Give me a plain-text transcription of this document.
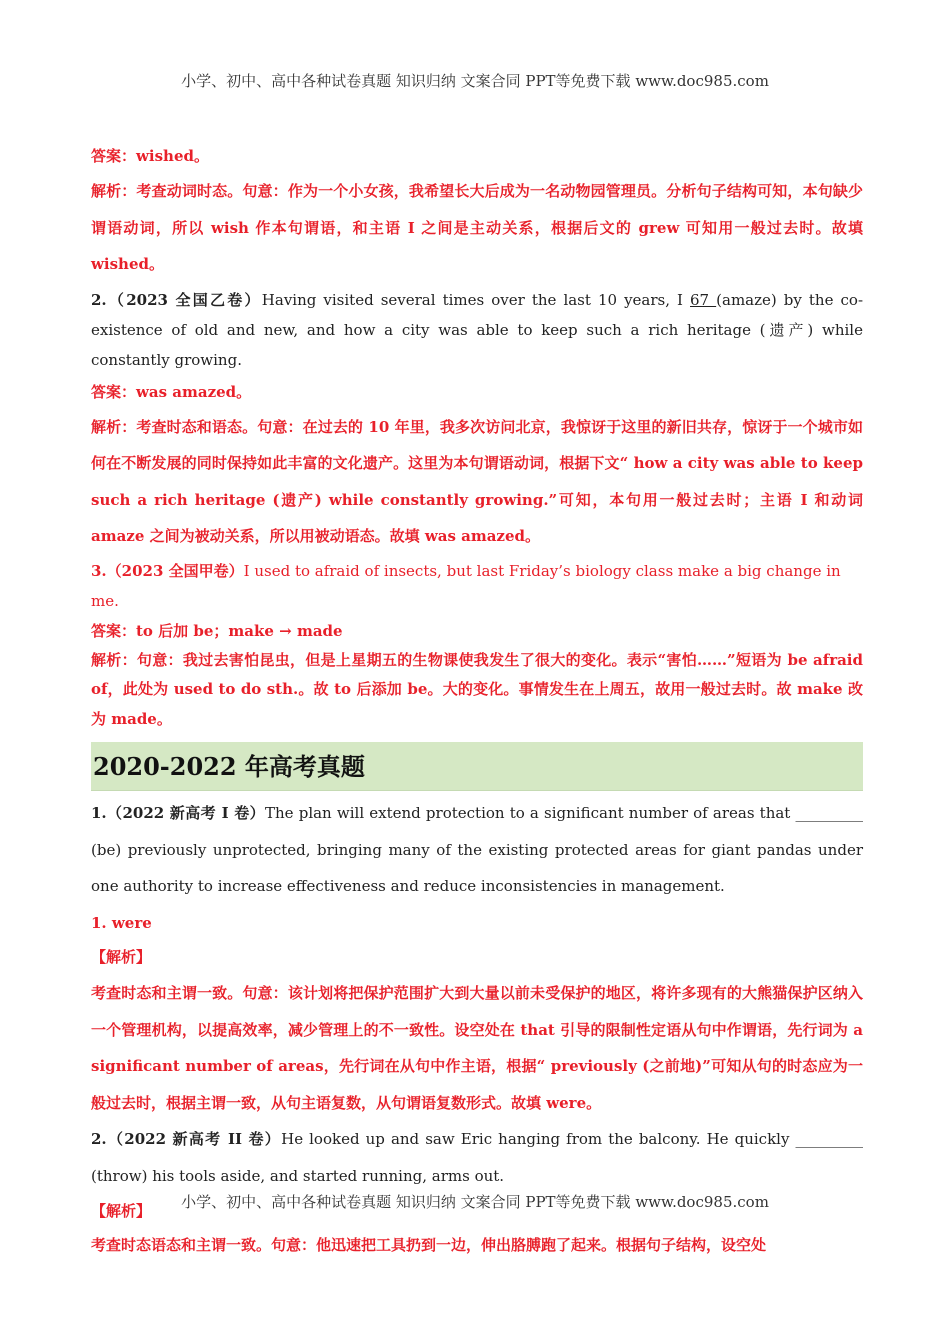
小学、初中、高中各种试卷真题 知识归纳 文案合同 PPT等免费下载 www.doc985.com
答案：wished。
解析：考查动词时态。句意：作为一个小女孩，我希望长大后成为一名动物园管理员。分析句子结构可知，本句缺少谓语动词，所以 wish 作本句谓语，和主语 I 之间是主动关系，根据后文的 grew 可知用一般过去时。故填 wished。
2.（2023 全国乙卷）Having visited several times over the last 10 years, I 67 (amaze) by the co-existence of old and new, and how a city was able to keep such a rich heritage (遗产) while constantly growing.
答案：was amazed。
解析：考查时态和语态。句意：在过去的 10 年里，我多次访问北京，我惊讶于这里的新旧共存，惊讶于一个城市如何在不断发展的同时保持如此丰富的文化遗产。这里为本句谓语动词，根据下文“ how a city was able to keep such a rich heritage (遗产) while constantly growing.”可知，本句用一般过去时；主语 I 和动词 amaze 之间为被动关系，所以用被动语态。故填 was amazed。
3.（2023 全国甲卷）I used to afraid of insects, but last Friday’s biology class make a big change in me.
答案：to 后加 be；make → made
解析：句意：我过去害怕昆虫，但是上星期五的生物课使我发生了很大的变化。表示“害怕……”短语为 be afraid of，此处为 used to do sth.。故 to 后添加 be。大的变化。事情发生在上周五，故用一般过去时。故 make 改为 made。
2020-2022 年高考真题
1.（2022 新高考 I 卷）The plan will extend protection to a significant number of areas that _________ (be) previously unprotected, bringing many of the existing protected areas for giant pandas under one authority to increase effectiveness and reduce inconsistencies in management.
1. were
【解析】
考查时态和主谓一致。句意：该计划将把保护范围扩大到大量以前未受保护的地区，将许多现有的大熊猫保护区纳入一个管理机构，以提高效率，减少管理上的不一致性。设空处在 that 引导的限制性定语从句中作谓语，先行词为 a significant number of areas，先行词在从句中作主语，根据“ previously (之前地)”可知从句的时态应为一般过去时，根据主谓一致，从句主语复数，从句谓语复数形式。故填 were。
2.（2022 新高考 II 卷）He looked up and saw Eric hanging from the balcony. He quickly _________ (throw) his tools aside, and started running, arms out.
【解析】
考查时态语态和主谓一致。句意：他迅速把工具扔到一边，伸出胳膊跑了起来。根据句子结构，设空处
小学、初中、高中各种试卷真题 知识归纳 文案合同 PPT等免费下载 www.doc985.com
